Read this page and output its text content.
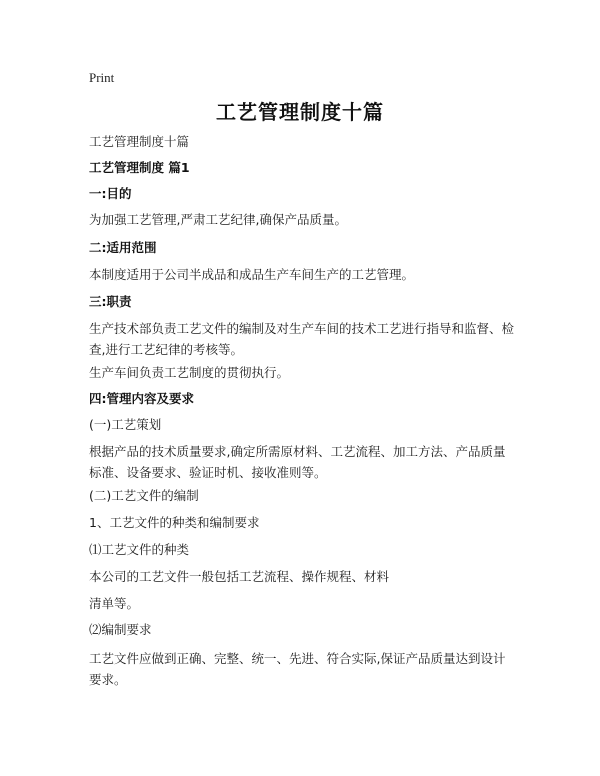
Print
工艺管理制度十篇
工艺管理制度十篇
工艺管理制度 篇1
一:目的
为加强工艺管理,严肃工艺纪律,确保产品质量。
二:适用范围
本制度适用于公司半成品和成品生产车间生产的工艺管理。
三:职责
生产技术部负责工艺文件的编制及对生产车间的技术工艺进行指导和监督、检查,进行工艺纪律的考核等。
生产车间负责工艺制度的贯彻执行。
四:管理内容及要求
(一)工艺策划
根据产品的技术质量要求,确定所需原材料、工艺流程、加工方法、产品质量标准、设备要求、验证时机、接收准则等。
(二)工艺文件的编制
1、工艺文件的种类和编制要求
⑴工艺文件的种类
本公司的工艺文件一般包括工艺流程、操作规程、材料
清单等。
⑵编制要求
工艺文件应做到正确、完整、统一、先进、符合实际,保证产品质量达到设计要求。
